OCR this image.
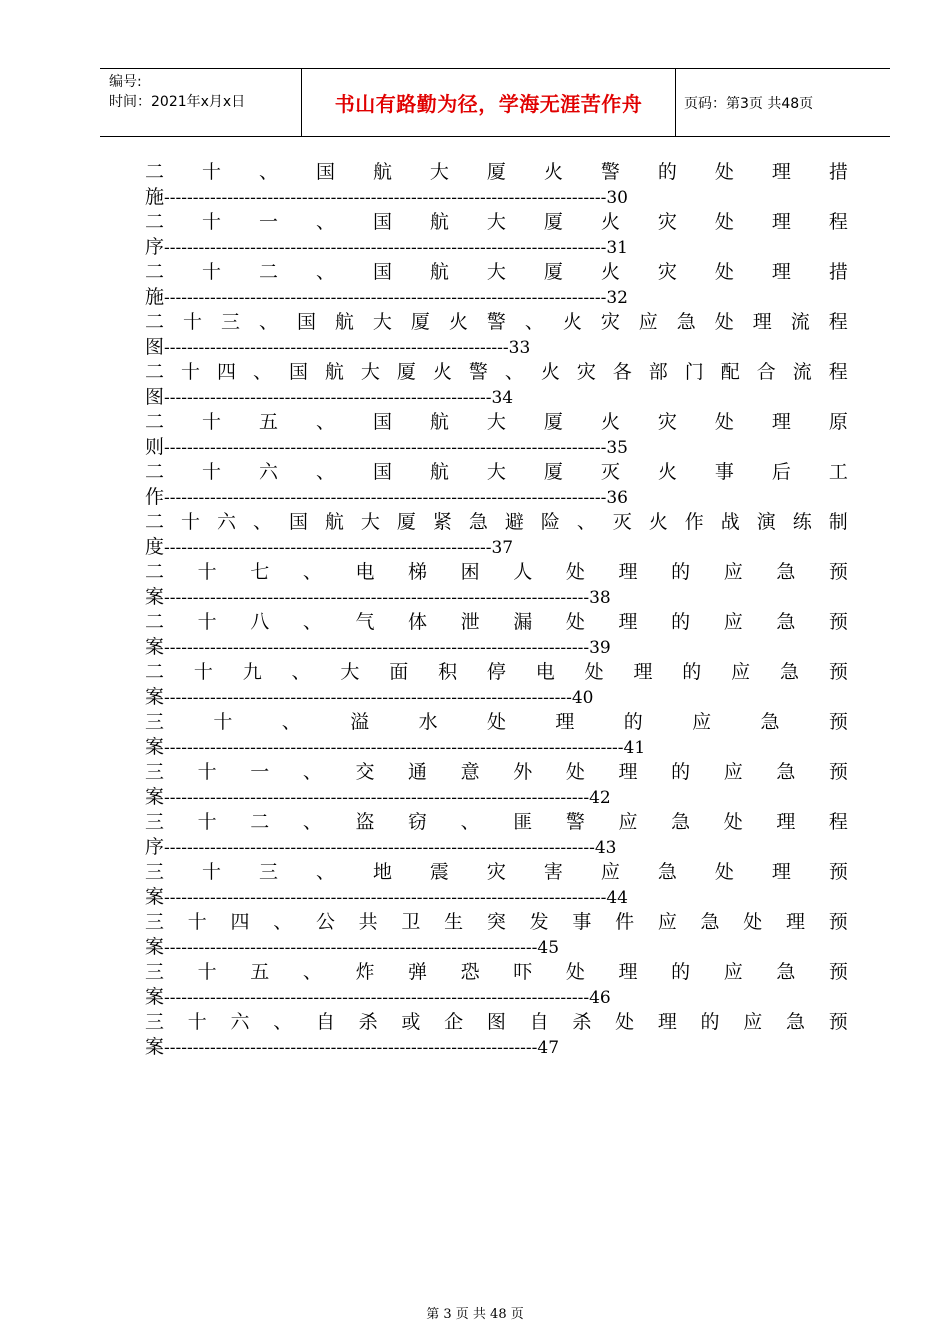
编号:
时间：2021年x月x日	书山有路勤为径，学海无涯苦作舟	页码：第3页 共48页
二 十 、 国 航 大 厦 火 警 的 处 理 措
施-----------------------------------------------------------------------------30
二 十 一 、 国 航 大 厦 火 灾 处 理 程
序-----------------------------------------------------------------------------31
二 十 二 、 国 航 大 厦 火 灾 处 理 措
施-----------------------------------------------------------------------------32
二 十 三 、 国 航 大 厦 火 警 、 火 灾 应 急 处 理 流 程
图------------------------------------------------------------33
二 十 四 、 国 航 大 厦 火 警 、 火 灾 各 部 门 配 合 流 程
图---------------------------------------------------------34
二 十 五 、 国 航 大 厦 火 灾 处 理 原
则-----------------------------------------------------------------------------35
二 十 六 、 国 航 大 厦 灭 火 事 后 工
作-----------------------------------------------------------------------------36
二 十 六 、 国 航 大 厦 紧 急 避 险 、 灭 火 作 战 演 练 制
度---------------------------------------------------------37
二 十 七 、 电 梯 困 人 处 理 的 应 急 预
案--------------------------------------------------------------------------38
二 十 八 、 气 体 泄 漏 处 理 的 应 急 预
案--------------------------------------------------------------------------39
二 十 九 、 大 面 积 停 电 处 理 的 应 急 预
案-----------------------------------------------------------------------40
三	十	、	溢	水	处	理	的	应	急	预
案--------------------------------------------------------------------------------41
三 十 一 、 交 通 意 外 处 理 的 应 急 预
案--------------------------------------------------------------------------42
三 十 二 、 盗 窃 、 匪 警 应 急 处 理 程
序---------------------------------------------------------------------------43
三 十 三 、 地 震 灾 害 应 急 处 理 预
案-----------------------------------------------------------------------------44
三 十 四 、 公 共 卫 生 突 发 事 件 应 急 处 理 预
案-----------------------------------------------------------------45
三 十 五 、 炸 弹 恐 吓 处 理 的 应 急 预
案--------------------------------------------------------------------------46
三 十 六 、 自 杀 或 企 图 自 杀 处 理 的 应 急 预
案-----------------------------------------------------------------47
第 3 页 共 48 页
